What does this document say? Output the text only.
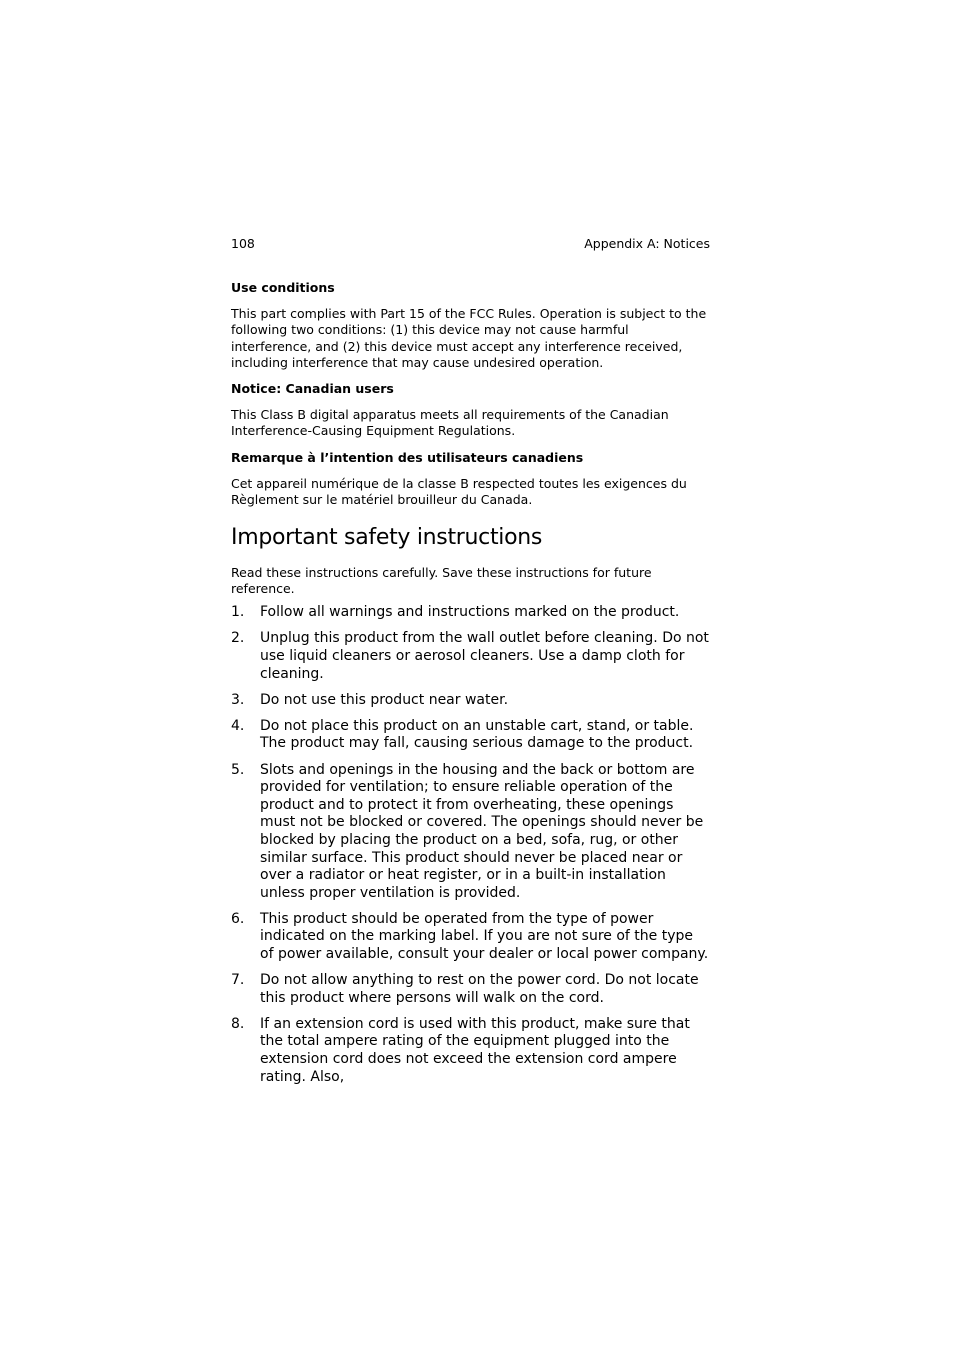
108	Appendix A: Notices
Use conditions

This part complies with Part 15 of the FCC Rules. Operation is subject to the following two conditions: (1) this device may not cause harmful interference, and (2) this device must accept any interference received, including interference that may cause undesired operation.

Notice: Canadian users

This Class B digital apparatus meets all requirements of the Canadian Interference-Causing Equipment Regulations.

Remarque à l’intention des utilisateurs canadiens

Cet appareil numérique de la classe B respected toutes les exigences du Règlement sur le matériel brouilleur du Canada.

Important safety instructions

Read these instructions carefully. Save these instructions for future reference.

1. Follow all warnings and instructions marked on the product.
2. Unplug this product from the wall outlet before cleaning. Do not use liquid cleaners or aerosol cleaners. Use a damp cloth for cleaning.
3. Do not use this product near water.
4. Do not place this product on an unstable cart, stand, or table. The product may fall, causing serious damage to the product.
5. Slots and openings in the housing and the back or bottom are provided for ventilation; to ensure reliable operation of the product and to protect it from overheating, these openings must not be blocked or covered. The openings should never be blocked by placing the product on a bed, sofa, rug, or other similar surface. This product should never be placed near or over a radiator or heat register, or in a built-in installation unless proper ventilation is provided.
6. This product should be operated from the type of power indicated on the marking label. If you are not sure of the type of power available, consult your dealer or local power company.
7. Do not allow anything to rest on the power cord. Do not locate this product where persons will walk on the cord.
8. If an extension cord is used with this product, make sure that the total ampere rating of the equipment plugged into the extension cord does not exceed the extension cord ampere rating. Also,
